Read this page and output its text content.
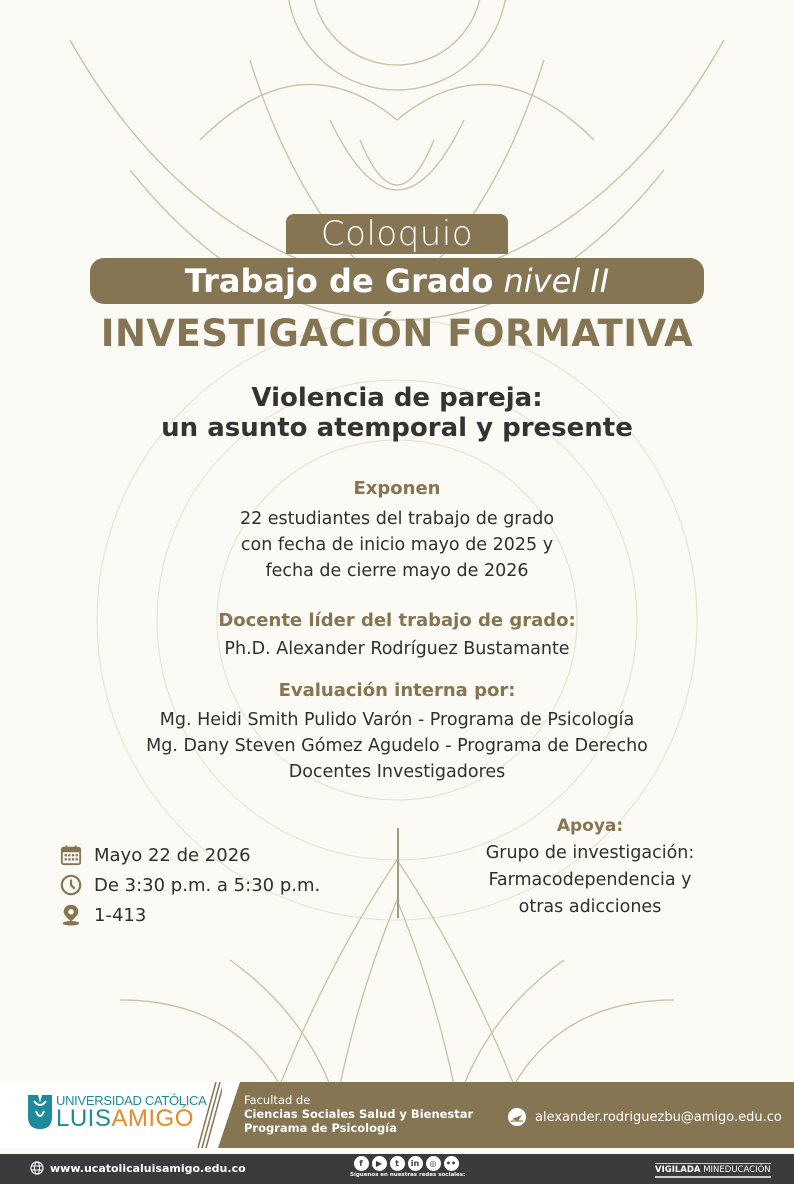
Coloquio
Trabajo de Grado nivel II
INVESTIGACIÓN FORMATIVA
Violencia de pareja:
un asunto atemporal y presente
Exponen
22 estudiantes del trabajo de grado
con fecha de inicio mayo de 2025 y
fecha de cierre mayo de 2026
Docente líder del trabajo de grado:
Ph.D. Alexander Rodríguez Bustamante
Evaluación interna por:
Mg. Heidi Smith Pulido Varón - Programa de Psicología
Mg. Dany Steven Gómez Agudelo - Programa de Derecho
Docentes Investigadores
Mayo 22 de 2026
De 3:30 p.m. a 5:30 p.m.
1-413
Apoya:
Grupo de investigación:
Farmacodependencia y
otras adicciones
UNIVERSIDAD CATÓLICA
LUISAMIGÓ
Facultad de
Ciencias Sociales Salud y Bienestar
Programa de Psicología
alexander.rodriguezbu@amigo.edu.co
www.ucatolicaluisamigo.edu.co	f	▶	t	in	◎	••
Síguenos en nuestras redes sociales:	VIGILADA MINEDUCACIÓN
